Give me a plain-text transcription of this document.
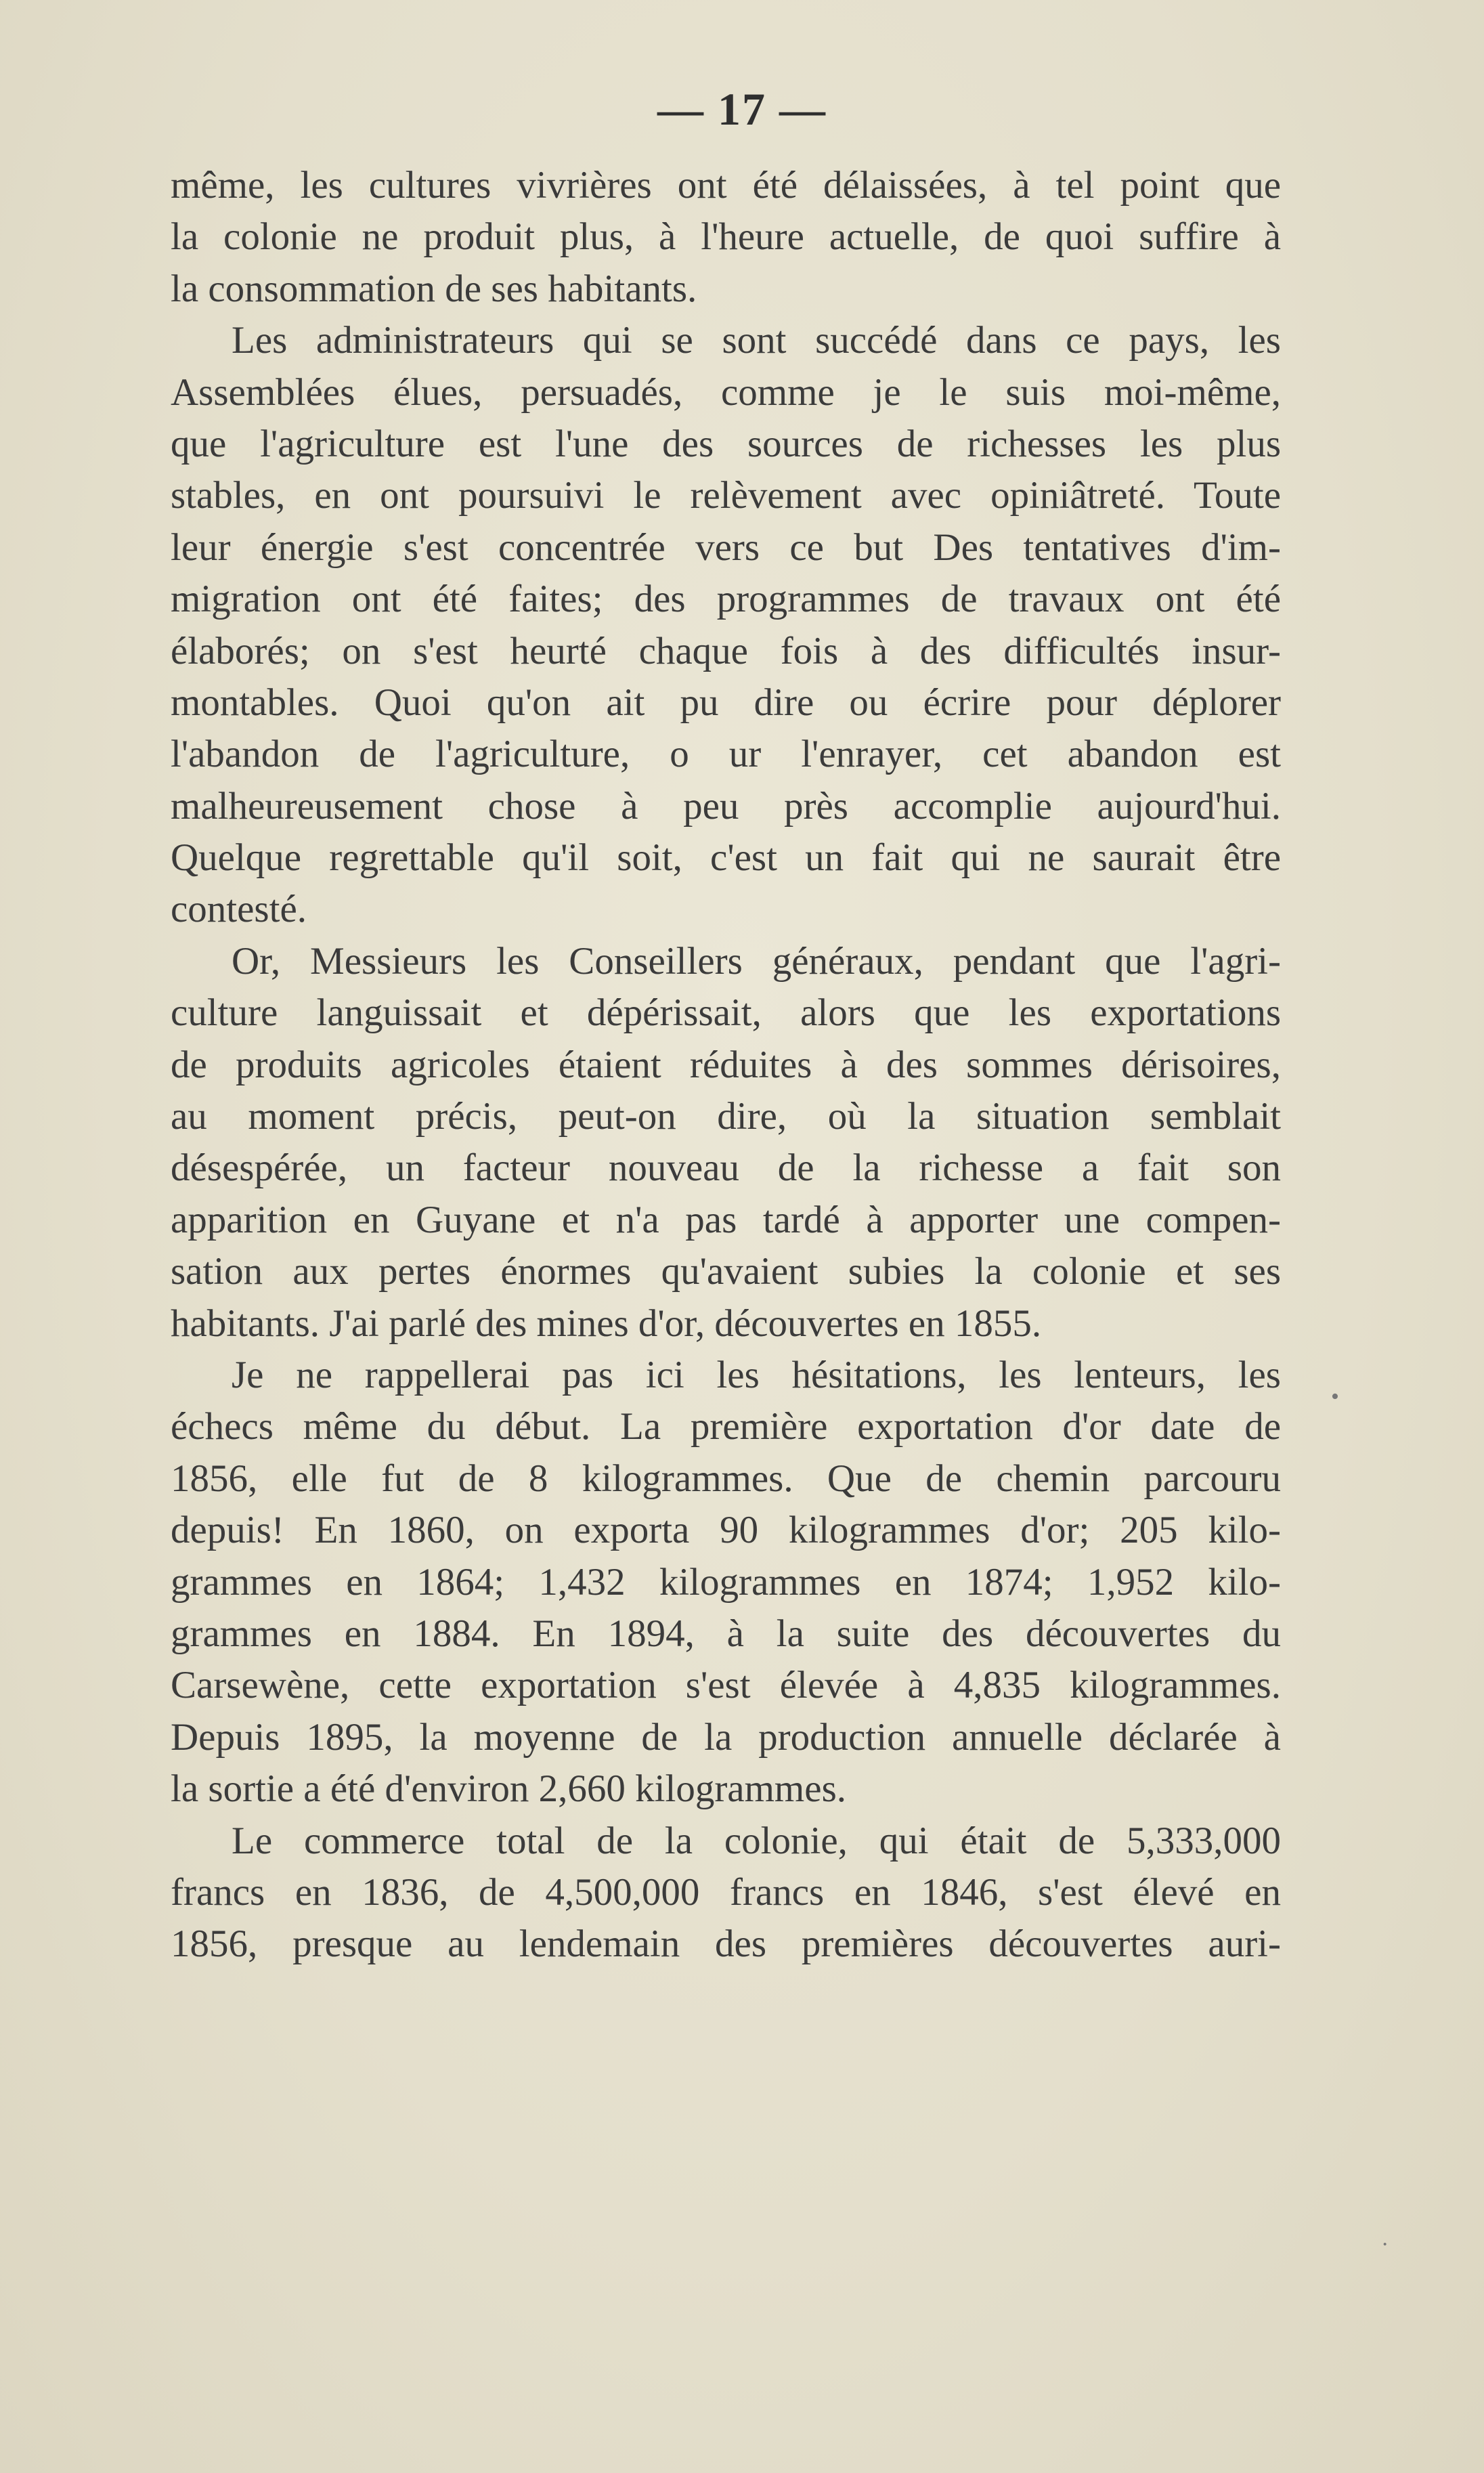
— 17 —
même, les cultures vivrières ont été délaissées, à tel point que
la colonie ne produit plus, à l'heure actuelle, de quoi suffire à
la consommation de ses habitants.
Les administrateurs qui se sont succédé dans ce pays, les
Assemblées élues, persuadés, comme je le suis moi-même,
que l'agriculture est l'une des sources de richesses les plus
stables, en ont poursuivi le relèvement avec opiniâtreté. Toute
leur énergie s'est concentrée vers ce but Des tentatives d'im-
migration ont été faites; des programmes de travaux ont été
élaborés; on s'est heurté chaque fois à des difficultés insur-
montables. Quoi qu'on ait pu dire ou écrire pour déplorer
l'abandon de l'agriculture, o ur l'enrayer, cet abandon est
malheureusement chose à peu près accomplie aujourd'hui.
Quelque regrettable qu'il soit, c'est un fait qui ne saurait être
contesté.
Or, Messieurs les Conseillers généraux, pendant que l'agri-
culture languissait et dépérissait, alors que les exportations
de produits agricoles étaient réduites à des sommes dérisoires,
au moment précis, peut-on dire, où la situation semblait
désespérée, un facteur nouveau de la richesse a fait son
apparition en Guyane et n'a pas tardé à apporter une compen-
sation aux pertes énormes qu'avaient subies la colonie et ses
habitants. J'ai parlé des mines d'or, découvertes en 1855.
Je ne rappellerai pas ici les hésitations, les lenteurs, les
échecs même du début. La première exportation d'or date de
1856, elle fut de 8 kilogrammes. Que de chemin parcouru
depuis! En 1860, on exporta 90 kilogrammes d'or; 205 kilo-
grammes en 1864; 1,432 kilogrammes en 1874; 1,952 kilo-
grammes en 1884. En 1894, à la suite des découvertes du
Carsewène, cette exportation s'est élevée à 4,835 kilogrammes.
Depuis 1895, la moyenne de la production annuelle déclarée à
la sortie a été d'environ 2,660 kilogrammes.
Le commerce total de la colonie, qui était de 5,333,000
francs en 1836, de 4,500,000 francs en 1846, s'est élevé en
1856, presque au lendemain des premières découvertes auri-
•
·
